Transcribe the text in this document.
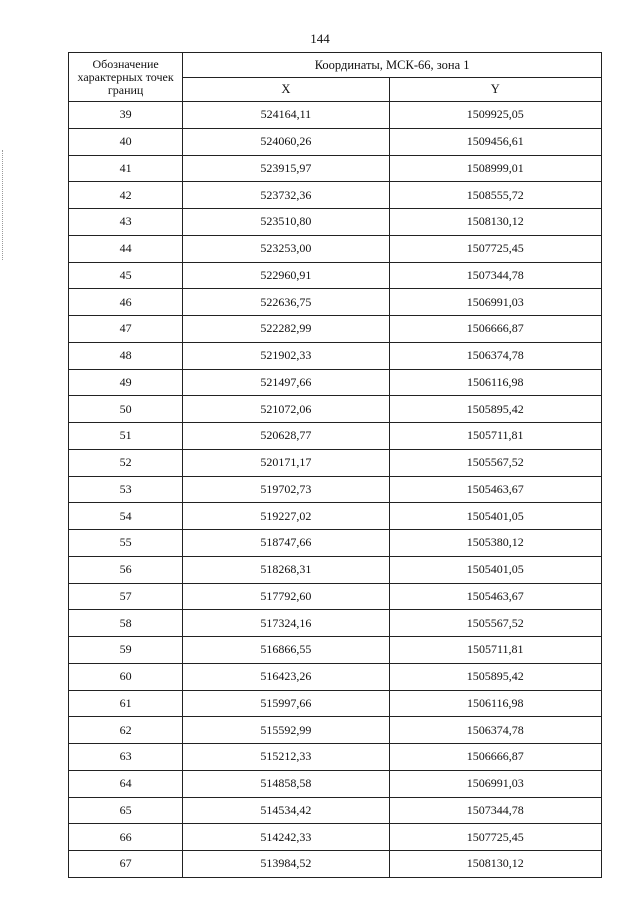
144
Обозначение характерных точек границ	Координаты, МСК-66, зона 1	
	X	Y
39	524164,11	1509925,05
40	524060,26	1509456,61
41	523915,97	1508999,01
42	523732,36	1508555,72
43	523510,80	1508130,12
44	523253,00	1507725,45
45	522960,91	1507344,78
46	522636,75	1506991,03
47	522282,99	1506666,87
48	521902,33	1506374,78
49	521497,66	1506116,98
50	521072,06	1505895,42
51	520628,77	1505711,81
52	520171,17	1505567,52
53	519702,73	1505463,67
54	519227,02	1505401,05
55	518747,66	1505380,12
56	518268,31	1505401,05
57	517792,60	1505463,67
58	517324,16	1505567,52
59	516866,55	1505711,81
60	516423,26	1505895,42
61	515997,66	1506116,98
62	515592,99	1506374,78
63	515212,33	1506666,87
64	514858,58	1506991,03
65	514534,42	1507344,78
66	514242,33	1507725,45
67	513984,52	1508130,12
